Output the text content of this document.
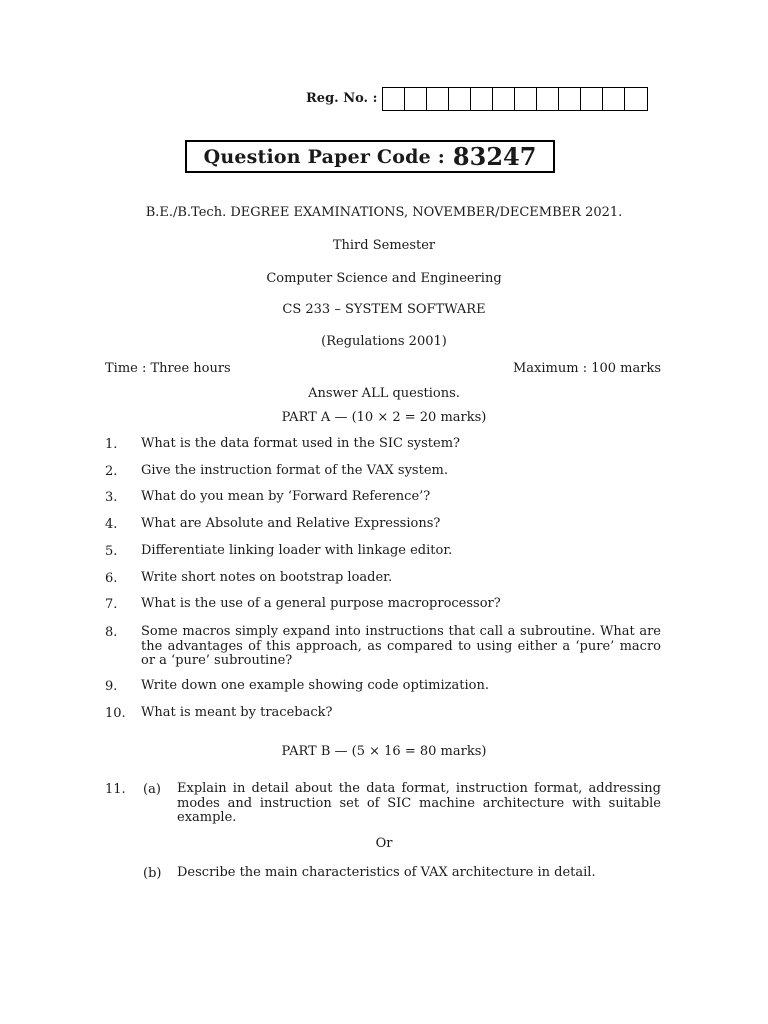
Reg. No. :
Question Paper Code : 83247
B.E./B.Tech. DEGREE EXAMINATIONS, NOVEMBER/DECEMBER 2021.
Third Semester
Computer Science and Engineering
CS 233 – SYSTEM SOFTWARE
(Regulations 2001)
Time : Three hours	Maximum : 100 marks
Answer ALL questions.
PART A — (10 × 2 = 20 marks)
1.	What is the data format used in the SIC system?
2.	Give the instruction format of the VAX system.
3.	What do you mean by ‘Forward Reference’?
4.	What are Absolute and Relative Expressions?
5.	Differentiate linking loader with linkage editor.
6.	Write short notes on bootstrap loader.
7.	What is the use of a general purpose macroprocessor?
8.	Some macros simply expand into instructions that call a subroutine. What are the advantages of this approach, as compared to using either a ‘pure’ macro or a ‘pure’ subroutine?
9.	Write down one example showing code optimization.
10.	What is meant by traceback?
PART B — (5 × 16 = 80 marks)
11. (a) Explain in detail about the data format, instruction format, addressing modes and instruction set of SIC machine architecture with suitable example.
Or
(b) Describe the main characteristics of VAX architecture in detail.
